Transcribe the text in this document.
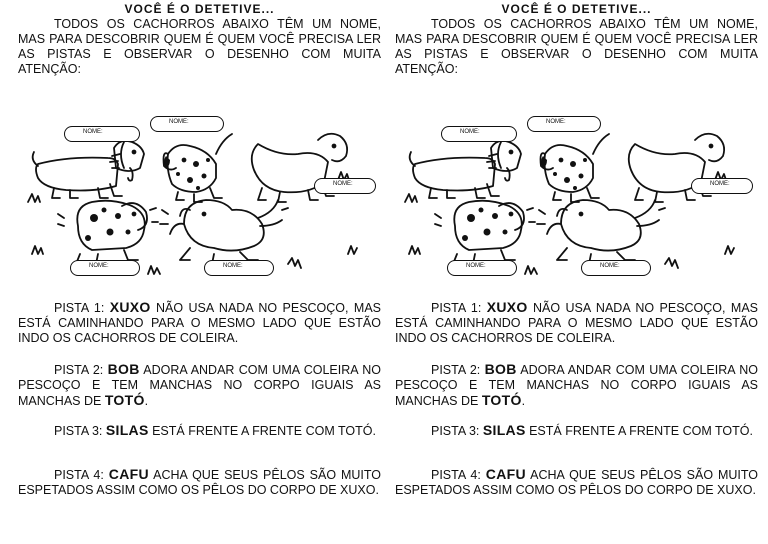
VOCÊ É O DETETIVE...

TODOS OS CACHORROS ABAIXO TÊM UM NOME, MAS PARA DESCOBRIR QUEM É QUEM VOCÊ PRECISA LER AS PISTAS E OBSERVAR O DESENHO COM MUITA ATENÇÃO:

NOME:
NOME:
NOME:
NOME:	NOME:

PISTA 1: XUXO NÃO USA NADA NO PESCOÇO, MAS ESTÁ CAMINHANDO PARA O MESMO LADO QUE ESTÃO INDO OS CACHORROS DE COLEIRA.

PISTA 2: BOB ADORA ANDAR COM UMA COLEIRA NO PESCOÇO E TEM MANCHAS NO CORPO IGUAIS AS MANCHAS DE TOTÓ.

PISTA 3: SILAS ESTÁ FRENTE A FRENTE COM TOTÓ.

PISTA 4: CAFU ACHA QUE SEUS PÊLOS SÃO MUITO ESPETADOS ASSIM COMO OS PÊLOS DO CORPO DE XUXO.

VOCÊ É O DETETIVE...

TODOS OS CACHORROS ABAIXO TÊM UM NOME, MAS PARA DESCOBRIR QUEM É QUEM VOCÊ PRECISA LER AS PISTAS E OBSERVAR O DESENHO COM MUITA ATENÇÃO:

NOME:
NOME:
NOME:
NOME:	NOME:

PISTA 1: XUXO NÃO USA NADA NO PESCOÇO, MAS ESTÁ CAMINHANDO PARA O MESMO LADO QUE ESTÃO INDO OS CACHORROS DE COLEIRA.

PISTA 2: BOB ADORA ANDAR COM UMA COLEIRA NO PESCOÇO E TEM MANCHAS NO CORPO IGUAIS AS MANCHAS DE TOTÓ.

PISTA 3: SILAS ESTÁ FRENTE A FRENTE COM TOTÓ.

PISTA 4: CAFU ACHA QUE SEUS PÊLOS SÃO MUITO ESPETADOS ASSIM COMO OS PÊLOS DO CORPO DE XUXO.
